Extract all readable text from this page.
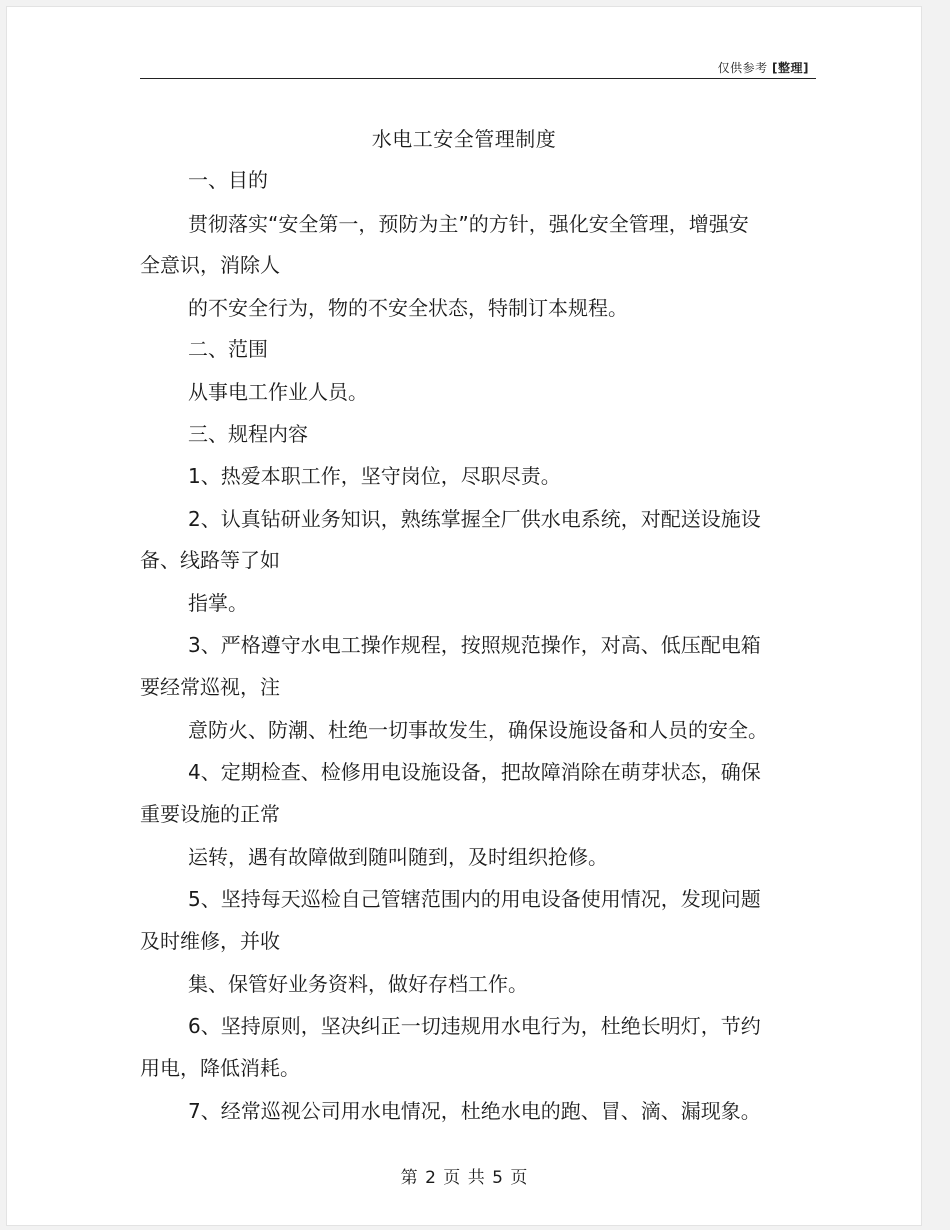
仅供参考 [整理]
水电工安全管理制度
一、目的
贯彻落实“安全第一，预防为主”的方针，强化安全管理，增强安
全意识，消除人
的不安全行为，物的不安全状态，特制订本规程。
二、范围
从事电工作业人员。
三、规程内容
1、热爱本职工作，坚守岗位，尽职尽责。
2、认真钻研业务知识，熟练掌握全厂供水电系统，对配送设施设
备、线路等了如
指掌。
3、严格遵守水电工操作规程，按照规范操作，对高、低压配电箱
要经常巡视，注
意防火、防潮、杜绝一切事故发生，确保设施设备和人员的安全。
4、定期检查、检修用电设施设备，把故障消除在萌芽状态，确保
重要设施的正常
运转，遇有故障做到随叫随到，及时组织抢修。
5、坚持每天巡检自己管辖范围内的用电设备使用情况，发现问题
及时维修，并收
集、保管好业务资料，做好存档工作。
6、坚持原则，坚决纠正一切违规用水电行为，杜绝长明灯，节约
用电，降低消耗。
7、经常巡视公司用水电情况，杜绝水电的跑、冒、滴、漏现象。
第 2 页 共 5 页
